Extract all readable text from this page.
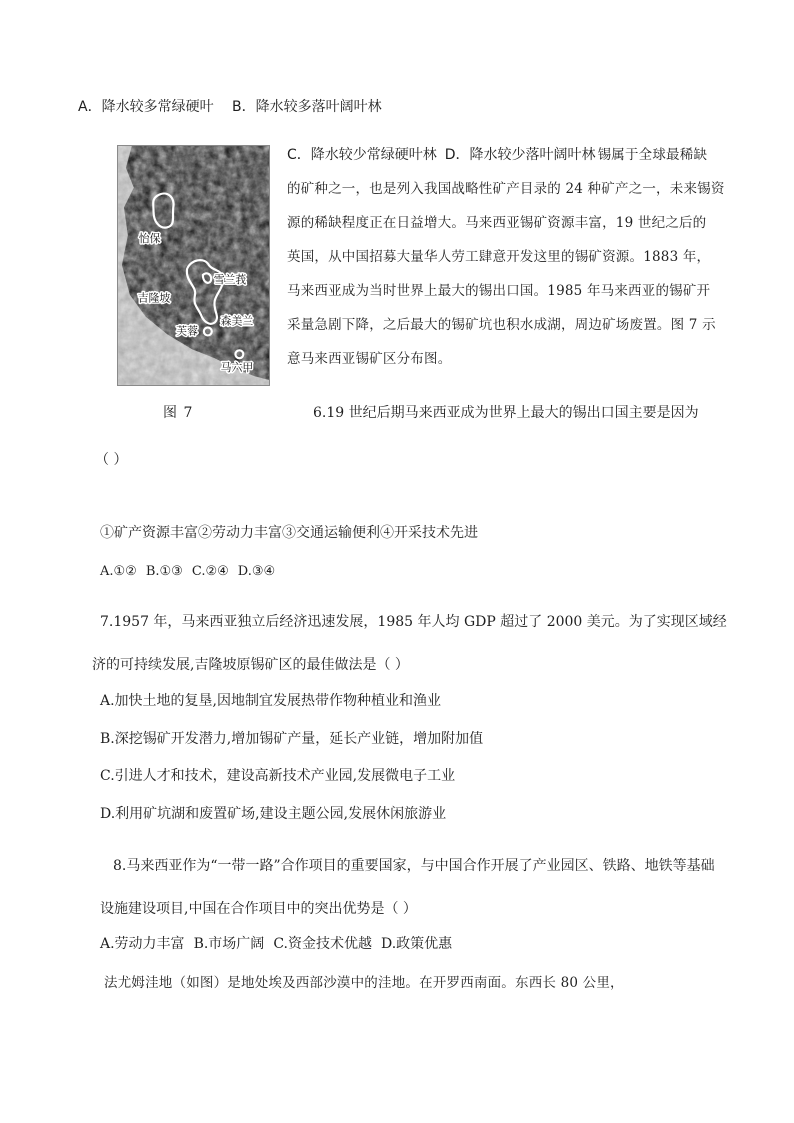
A．降水较多常绿硬叶 B．降水较多落叶阔叶林
怡保
雪兰莪
吉隆坡
森美兰
芙蓉
马六甲
C．降水较少常绿硬叶林 D．降水较少落叶阔叶林 锡属于全球最稀缺
的矿种之一，也是列入我国战略性矿产目录的 24 种矿产之一，未来锡资
源的稀缺程度正在日益增大。马来西亚锡矿资源丰富，19 世纪之后的
英国，从中国招募大量华人劳工肆意开发这里的锡矿资源。1883 年，
马来西亚成为当时世界上最大的锡出口国。1985 年马来西亚的锡矿开
采量急剧下降，之后最大的锡矿坑也积水成湖，周边矿场废置。图 7 示
意马来西亚锡矿区分布图。
图 7	6.19 世纪后期马来西亚成为世界上最大的锡出口国主要是因为
（ ）
①矿产资源丰富②劳动力丰富③交通运输便利④开采技术先进
A.①② B.①③ C.②④ D.③④
7.1957 年，马来西亚独立后经济迅速发展，1985 年人均 GDP 超过了 2000 美元。为了实现区域经
济的可持续发展,吉隆坡原锡矿区的最佳做法是（ ）
A.加快土地的复垦,因地制宜发展热带作物种植业和渔业
B.深挖锡矿开发潜力,增加锡矿产量，延长产业链，增加附加值
C.引进人才和技术，建设高新技术产业园,发展微电子工业
D.利用矿坑湖和废置矿场,建设主题公园,发展休闲旅游业
8.马来西亚作为“一带一路”合作项目的重要国家，与中国合作开展了产业园区、铁路、地铁等基础
设施建设项目,中国在合作项目中的突出优势是（ ）
A.劳动力丰富 B.市场广阔 C.资金技术优越 D.政策优惠
法尤姆洼地（如图）是地处埃及西部沙漠中的洼地。在开罗西南面。东西长 80 公里，
